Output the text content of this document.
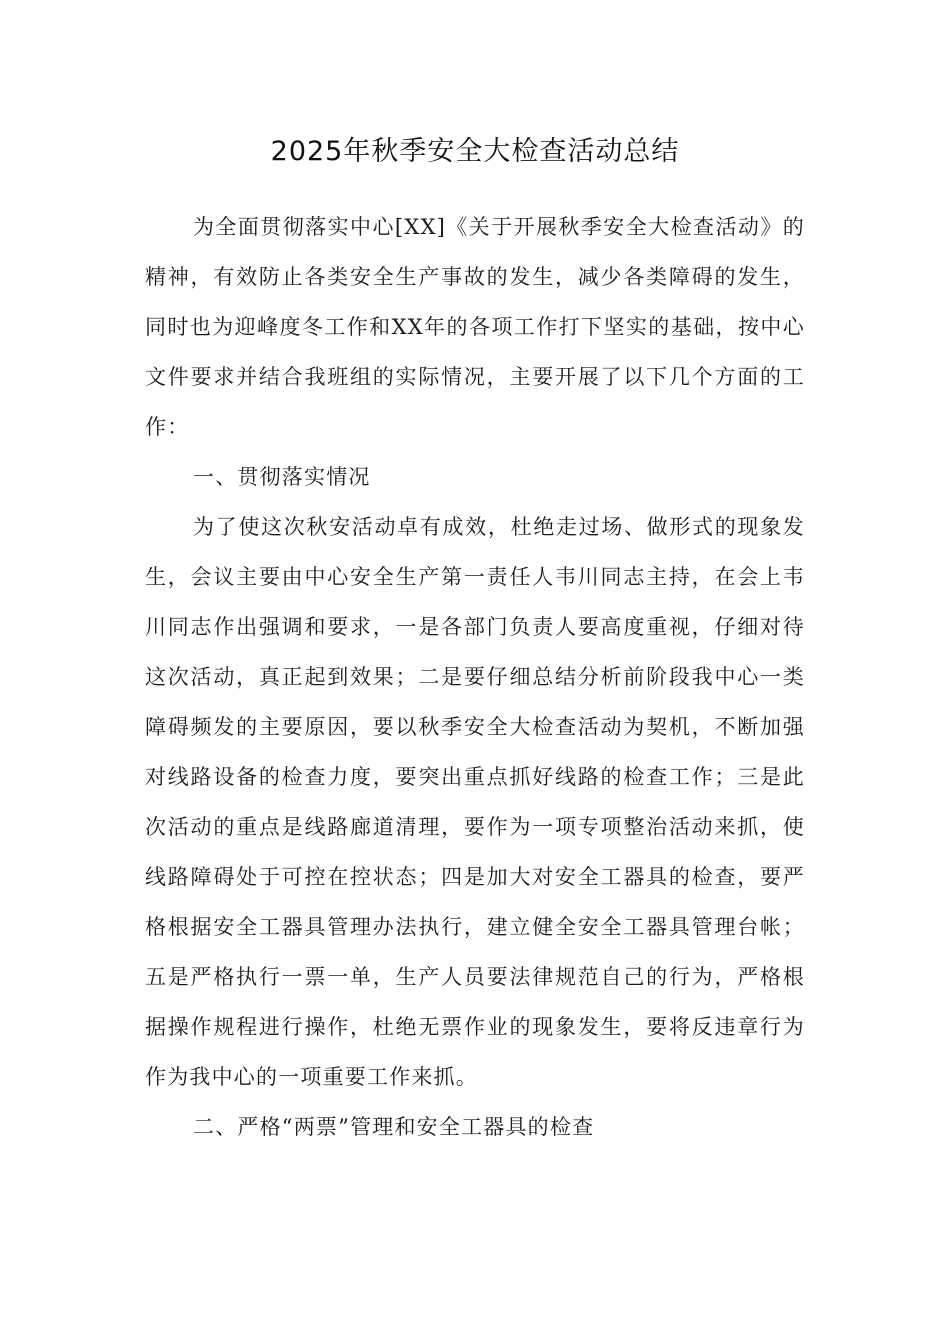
2025年秋季安全大检查活动总结

为全面贯彻落实中心[XX]《关于开展秋季安全大检查活动》的精神，有效防止各类安全生产事故的发生，减少各类障碍的发生，同时也为迎峰度冬工作和XX年的各项工作打下坚实的基础，按中心文件要求并结合我班组的实际情况，主要开展了以下几个方面的工作：

一、贯彻落实情况

为了使这次秋安活动卓有成效，杜绝走过场、做形式的现象发生，会议主要由中心安全生产第一责任人韦川同志主持，在会上韦川同志作出强调和要求，一是各部门负责人要高度重视，仔细对待这次活动，真正起到效果；二是要仔细总结分析前阶段我中心一类障碍频发的主要原因，要以秋季安全大检查活动为契机，不断加强对线路设备的检查力度，要突出重点抓好线路的检查工作；三是此次活动的重点是线路廊道清理，要作为一项专项整治活动来抓，使线路障碍处于可控在控状态；四是加大对安全工器具的检查，要严格根据安全工器具管理办法执行，建立健全安全工器具管理台帐；五是严格执行一票一单，生产人员要法律规范自己的行为，严格根据操作规程进行操作，杜绝无票作业的现象发生，要将反违章行为作为我中心的一项重要工作来抓。

二、严格“两票”管理和安全工器具的检查
